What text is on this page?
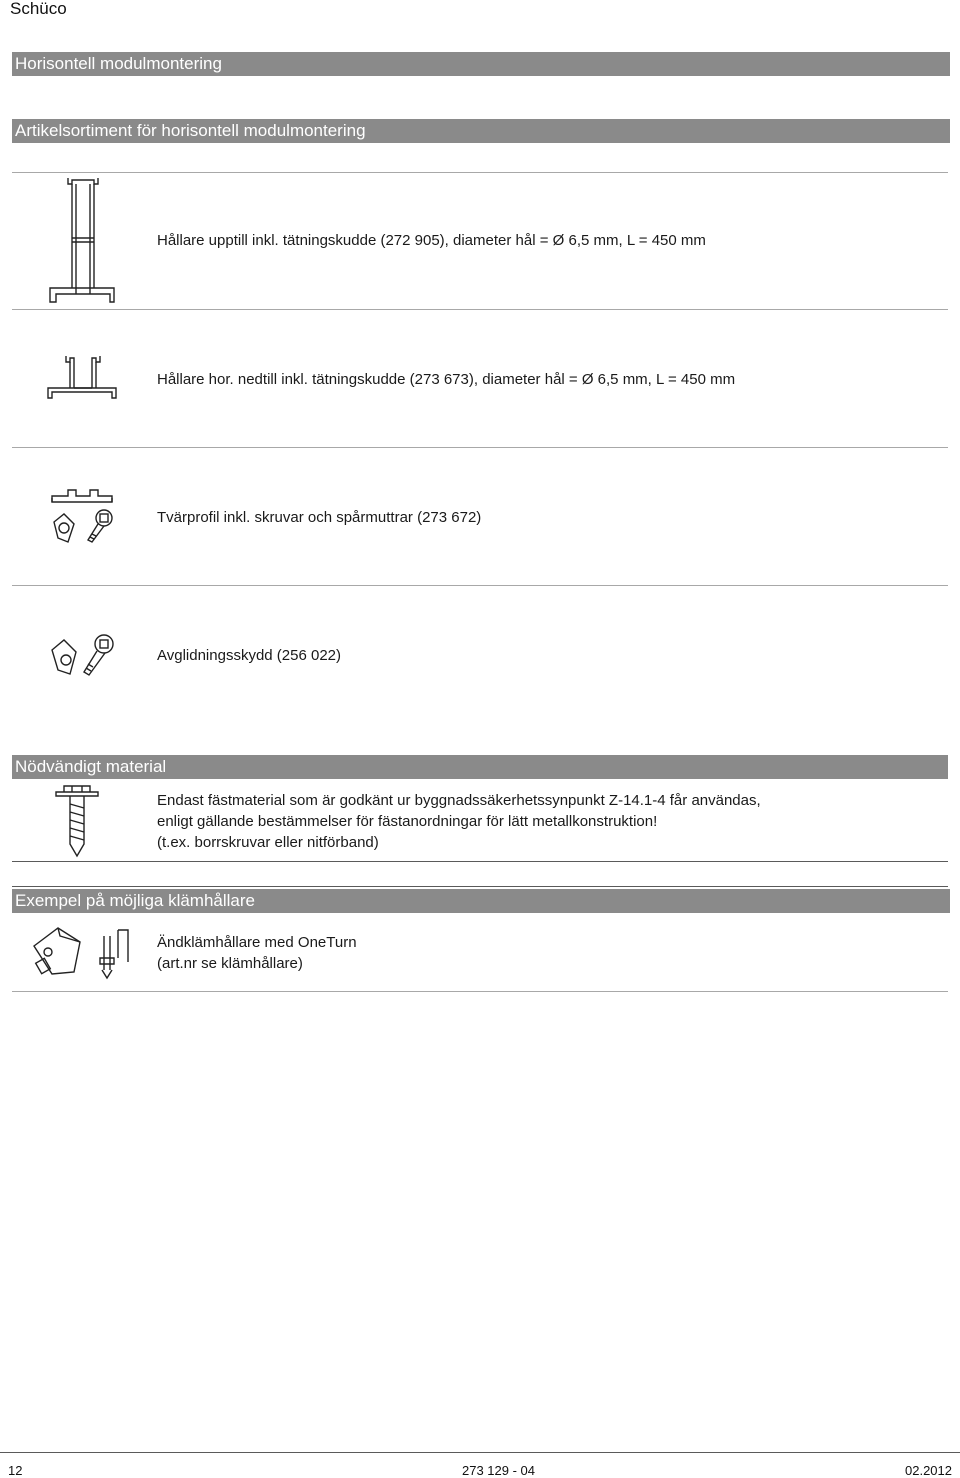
Schüco
Horisontell modulmontering
Artikelsortiment för horisontell modulmontering
Hållare upptill inkl. tätningskudde (272 905), diameter hål = Ø 6,5 mm, L = 450 mm
Hållare hor. nedtill inkl. tätningskudde (273 673), diameter hål = Ø 6,5 mm, L = 450 mm
Tvärprofil inkl. skruvar och spårmuttrar (273 672)
Avglidningsskydd (256 022)
Nödvändigt material
Endast fästmaterial som är godkänt ur byggnadssäkerhetssynpunkt Z-14.1-4 får användas,
enligt gällande bestämmelser för fästanordningar för lätt metallkonstruktion!
(t.ex. borrskruvar eller nitförband)
Exempel på möjliga klämhållare
Ändklämhållare med OneTurn
(art.nr se klämhållare)
12	273 129 - 04	02.2012
